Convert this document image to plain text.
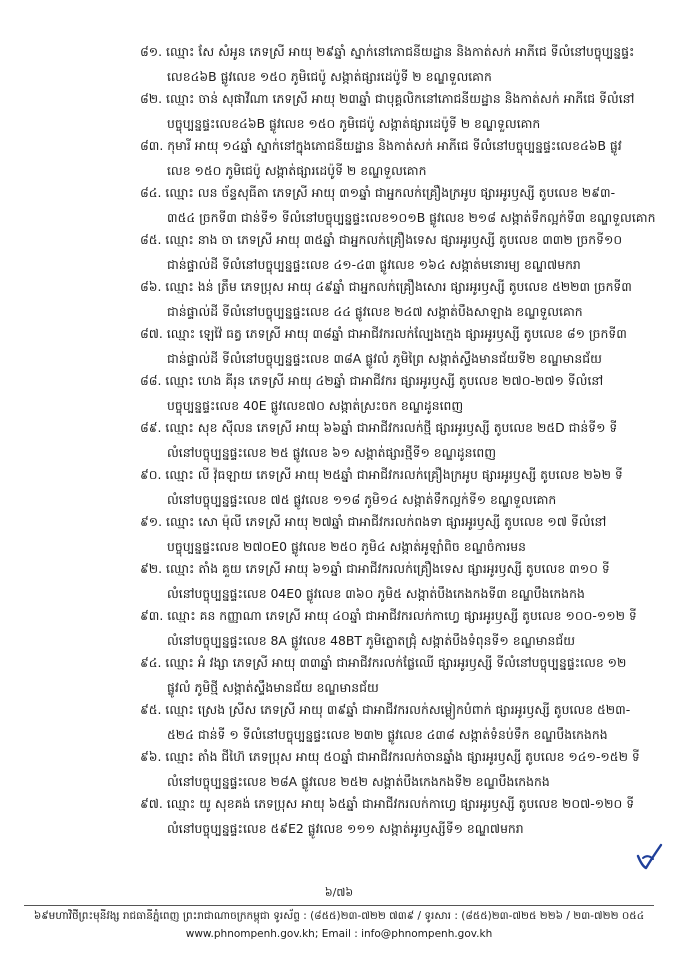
៨១. ឈ្មោះ សែ សំអូន ភេទស្រី អាយុ ២៩ឆ្នាំ ស្នាក់នៅភោជនីយដ្ឋាន និងកាត់សក់ អាភីជេ ទីលំនៅបច្ចុប្បន្នផ្ទះ
លេខ៤៦B ផ្លូវលេខ ១៥០ ភូមិជេប៉ូ សង្កាត់ផ្សារដេប៉ូទី ២ ខណ្ឌទួលគោក
៨២. ឈ្មោះ ចាន់ សុផាវីណា ភេទស្រី អាយុ ២៣ឆ្នាំ ជាបុគ្គលិកនៅភោជនីយដ្ឋាន និងកាត់សក់ អាភីជេ ទីលំនៅ
បច្ចុប្បន្នផ្ទះលេខ៤៦B ផ្លូវលេខ ១៥០ ភូមិជេប៉ូ សង្កាត់ផ្សារដេប៉ូទី ២ ខណ្ឌទួលគោក
៨៣. កុមារី អាយុ ១៤ឆ្នាំ ស្នាក់នៅក្នុងភោជនីយដ្ឋាន និងកាត់សក់ អាភីជេ ទីលំនៅបច្ចុប្បន្នផ្ទះលេខ៤៦B ផ្លូវ
លេខ ១៥០ ភូមិជេប៉ូ សង្កាត់ផ្សារដេប៉ូទី ២ ខណ្ឌទួលគោក
៨៤. ឈ្មោះ លន ច័ន្ទសុធីតា ភេទស្រី អាយុ ៣១ឆ្នាំ ជាអ្នកលក់គ្រឿងក្រអូប ផ្សារអូរឫស្សី តូបលេខ ២៩៣-
៣៥៤ ច្រកទី៣ ជាន់ទី១ ទីលំនៅបច្ចុប្បន្នផ្ទះលេខ១០១B ផ្លូវលេខ ២១៨ សង្កាត់ទឹកល្អក់ទី៣ ខណ្ឌទួលគោក
៨៥. ឈ្មោះ នាង ចា ភេទស្រី អាយុ ៣៥ឆ្នាំ ជាអ្នកលក់គ្រឿងទេស ផ្សារអូរឫស្សី តូបលេខ ៣៣២ ច្រកទី១០
ជាន់ផ្ទាល់ដី ទីលំនៅបច្ចុប្បន្នផ្ទះលេខ ៤១-៤៣ ផ្លូវលេខ ១៦៤ សង្កាត់មនោរម្យ ខណ្ឌ៧មករា
៨៦. ឈ្មោះ ងន់ ត្រឹម ភេទប្រុស អាយុ ៤៩ឆ្នាំ ជាអ្នកលក់គ្រឿងសោរ ផ្សារអូរឫស្សី តូបលេខ ៥២២៣ ច្រកទី៣
ជាន់ផ្ទាល់ដី ទីលំនៅបច្ចុប្បន្នផ្ទះលេខ ៤៤ ផ្លូវលេខ ២៤៧ សង្កាត់បឹងសាឡាង ខណ្ឌទួលគោក
៨៧. ឈ្មោះ ឡេវ៉ៃ ធត្វ ភេទស្រី អាយុ ៣៨ឆ្នាំ ជាអាជីវករលក់ល្បែងក្មេង ផ្សារអូរឫស្សី តូបលេខ ៨១ ច្រកទី៣
ជាន់ផ្ទាល់ដី ទីលំនៅបច្ចុប្បន្នផ្ទះលេខ ៣៨A ផ្លូវលំ ភូមិព្រៃ សង្កាត់ស្ទឹងមានជ័យទី២ ខណ្ឌមានជ័យ
៨៨. ឈ្មោះ ហេង គីរុន ភេទស្រី អាយុ ៤២ឆ្នាំ ជាអាជីវករ ផ្សារអូរឫស្សី តូបលេខ ២៧០-២៧១ ទីលំនៅ
បច្ចុប្បន្នផ្ទះលេខ 40E ផ្លូវលេខ៧០ សង្កាត់ស្រះចក ខណ្ឌដូនពេញ
៨៩. ឈ្មោះ សុខ ស៊ីលន ភេទស្រី អាយុ ៦៦ឆ្នាំ ជាអាជីវករលក់ថ្មី ផ្សារអូរឫស្សី តូបលេខ ២៥D ជាន់ទី១ ទី
លំនៅបច្ចុប្បន្នផ្ទះលេខ ២៥ ផ្លូវលេខ ៦១ សង្កាត់ផ្សារថ្មីទី១ ខណ្ឌដូនពេញ
៩០. ឈ្មោះ លី វ៉ុធឡាយ ភេទស្រី អាយុ ២៥ឆ្នាំ ជាអាជីវករលក់គ្រឿងក្រអូប ផ្សារអូរឫស្សី តូបលេខ ២៦២ ទី
លំនៅបច្ចុប្បន្នផ្ទះលេខ ៧៥ ផ្លូវលេខ ១១៨ ភូមិ១៤ សង្កាត់ទឹកល្អក់ទី១ ខណ្ឌទួលគោក
៩១. ឈ្មោះ សោ ម៉ុលី ភេទស្រី អាយុ ២៧ឆ្នាំ ជាអាជីវករលក់ពងទា ផ្សារអូរឫស្សី តូបលេខ ១៧ ទីលំនៅ
បច្ចុប្បន្នផ្ទះលេខ ២៧០E0 ផ្លូវលេខ ២៥០ ភូមិ៤ សង្កាត់អូឡាំពិច ខណ្ឌចំការមន
៩២. ឈ្មោះ តាំង គួយ ភេទស្រី អាយុ ៦១ឆ្នាំ ជាអាជីវករលក់គ្រឿងទេស ផ្សារអូរឫស្សី តូបលេខ ៣១០ ទី
លំនៅបច្ចុប្បន្នផ្ទះលេខ 04E0 ផ្លូវលេខ ៣៦០ ភូមិ៥ សង្កាត់បឹងកេងកងទី៣ ខណ្ឌបឹងកេងកង
៩៣. ឈ្មោះ គន កញ្ញាណា ភេទស្រី អាយុ ៤០ឆ្នាំ ជាអាជីវករលក់កាហ្វេ ផ្សារអូរឫស្សី តូបលេខ ១០០-១១២ ទី
លំនៅបច្ចុប្បន្នផ្ទះលេខ 8A ផ្លូវលេខ 48BT ភូមិត្នោតជ្រុំ សង្កាត់បឹងទំពុនទី១ ខណ្ឌមានជ័យ
៩៤. ឈ្មោះ អំ វង្សា ភេទស្រី អាយុ ៣៣ឆ្នាំ ជាអាជីវករលក់ផ្លែឈើ ផ្សារអូរឫស្សី ទីលំនៅបច្ចុប្បន្នផ្ទះលេខ ១២
ផ្លូវលំ ភូមិថ្មី សង្កាត់ស្ទឹងមានជ័យ ខណ្ឌមានជ័យ
៩៥. ឈ្មោះ ស្រេង ស្រីស ភេទស្រី អាយុ ៣៩ឆ្នាំ ជាអាជីវករលក់សម្លៀកបំពាក់ ផ្សារអូរឫស្សី តូបលេខ ៥២៣-
៥២៤ ជាន់ទី ១ ទីលំនៅបច្ចុប្បន្នផ្ទះលេខ ២៣២ ផ្លូវលេខ ៤៣៨ សង្កាត់ទំនប់ទឹក ខណ្ឌបឹងកេងកង
៩៦. ឈ្មោះ តាំង ជីហ៊ៃ ភេទប្រុស អាយុ ៥០ឆ្នាំ ជាអាជីវករលក់ចានឆ្នាំង ផ្សារអូរឫស្សី តូបលេខ ១៤១-១៥២ ទី
លំនៅបច្ចុប្បន្នផ្ទះលេខ ២៨A ផ្លូវលេខ ២៥២ សង្កាត់បឹងកេងកងទី២ ខណ្ឌបឹងកេងកង
៩៧. ឈ្មោះ យូ សុខគង់ ភេទប្រុស អាយុ ៦៥ឆ្នាំ ជាអាជីវករលក់កាហ្វេ ផ្សារអូរឫស្សី តូបលេខ ២០៧-១២០ ទី
លំនៅបច្ចុប្បន្នផ្ទះលេខ ៥៩E2 ផ្លូវលេខ ១១១ សង្កាត់អូរឫស្សីទី១ ខណ្ឌ៧មករា
៦/៧៦
៦៩មហាវិថីព្រះមុនីវង្ស រាជធានីភ្នំពេញ ព្រះរាជាណាចក្រកម្ពុជា ទូរស័ព្ទ : (៨៥៥)២៣-៧២២ ៧៣៩ / ទូរសារ : (៨៥៥)២៣-៧២៥ ២២៦ / ២៣-៧២២ ០៥៤
www.phnompenh.gov.kh; Email : info@phnompenh.gov.kh
